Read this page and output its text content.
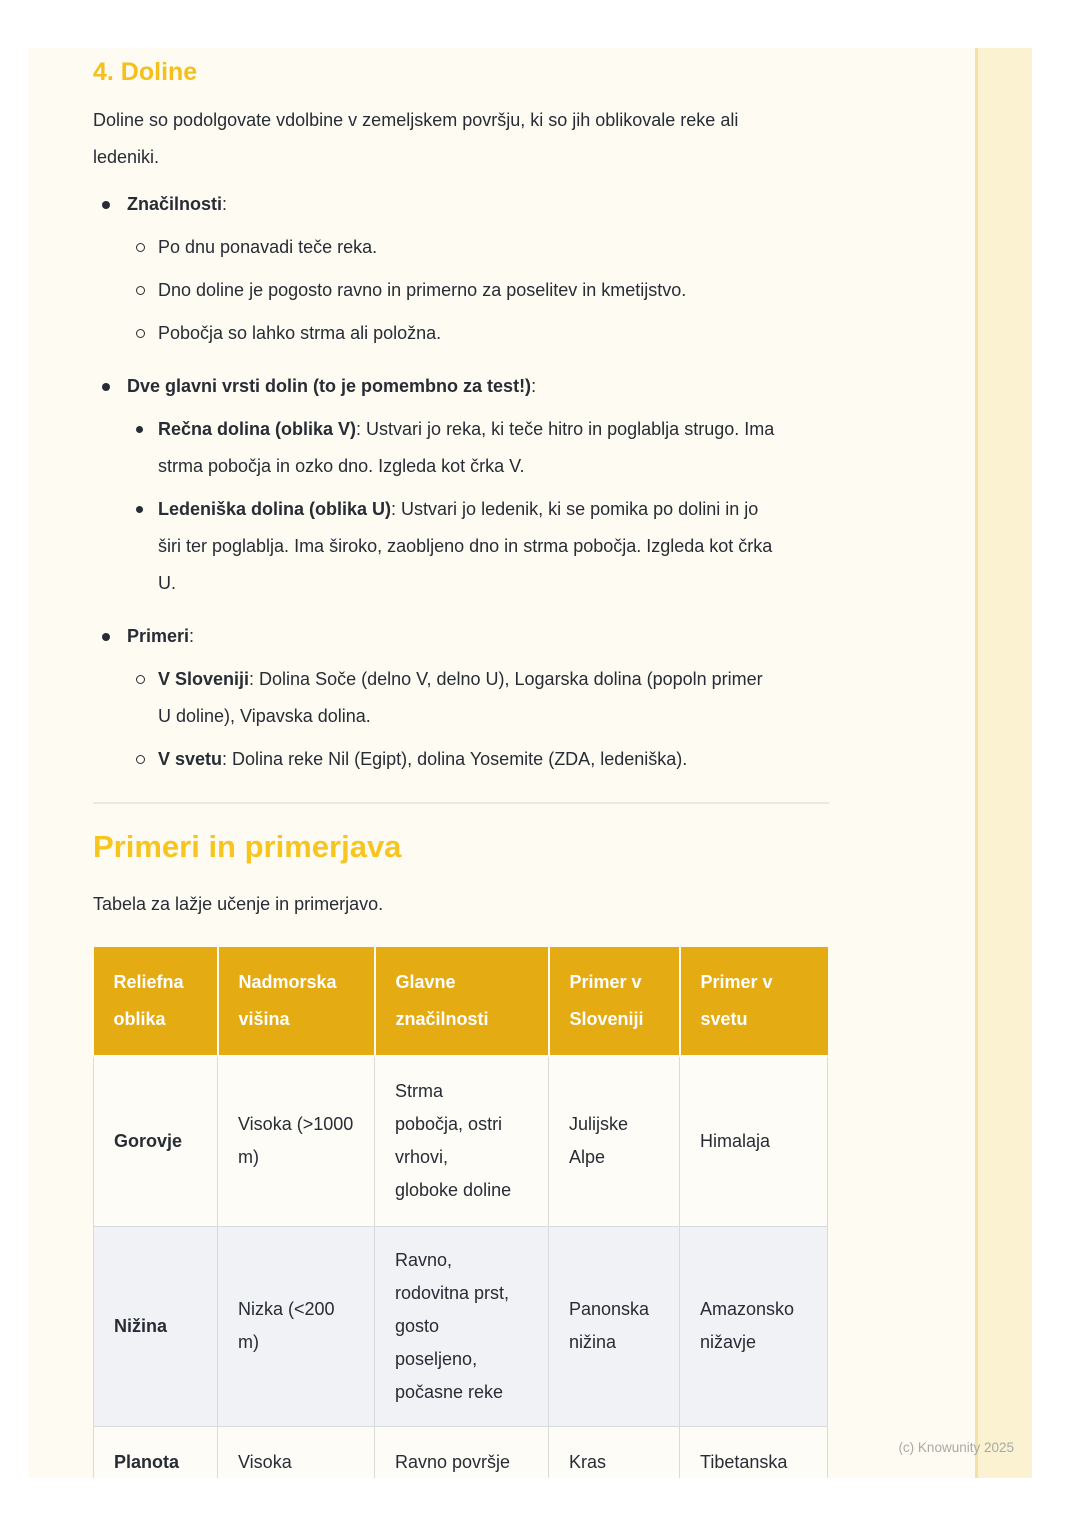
4. Doline

Doline so podolgovate vdolbine v zemeljskem površju, ki so jih oblikovale reke ali ledeniki.

Značilnosti:
Po dnu ponavadi teče reka.
Dno doline je pogosto ravno in primerno za poselitev in kmetijstvo.
Pobočja so lahko strma ali položna.
Dve glavni vrsti dolin (to je pomembno za test!):
Rečna dolina (oblika V): Ustvari jo reka, ki teče hitro in poglablja strugo. Ima strma pobočja in ozko dno. Izgleda kot črka V.
Ledeniška dolina (oblika U): Ustvari jo ledenik, ki se pomika po dolini in jo širi ter poglablja. Ima široko, zaobljeno dno in strma pobočja. Izgleda kot črka U.
Primeri:
V Sloveniji: Dolina Soče (delno V, delno U), Logarska dolina (popoln primer U doline), Vipavska dolina.
V svetu: Dolina reke Nil (Egipt), dolina Yosemite (ZDA, ledeniška).
Primeri in primerjava

Tabela za lažje učenje in primerjavo.

Reliefna oblika	Nadmorska višina	Glavne značilnosti	Primer v Sloveniji	Primer v svetu
Gorovje	Visoka (>1000 m)	Strma pobočja, ostri vrhovi, globoke doline	Julijske Alpe	Himalaja
Nižina	Nizka (<200 m)	Ravno, rodovitna prst, gosto poseljeno, počasne reke	Panonska nižina	Amazonsko nižavje
Planota	Visoka	Ravno površje	Kras	Tibetanska
(c) Knowunity 2025
